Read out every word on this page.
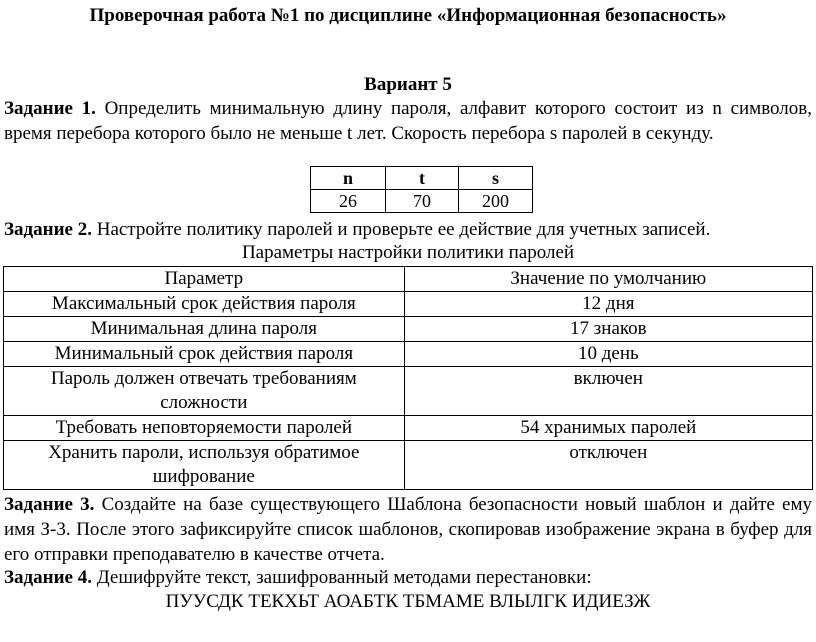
Проверочная работа №1 по дисциплине «Информационная безопасность»
Вариант 5
Задание 1. Определить минимальную длину пароля, алфавит которого состоит из n символов, время перебора которого было не меньше t лет. Скорость перебора s паролей в секунду.
n	t	s
26	70	200
Задание 2. Настройте политику паролей и проверьте ее действие для учетных записей.
Параметры настройки политики паролей
Параметр	Значение по умолчанию
Максимальный срок действия пароля	12 дня
Минимальная длина пароля	17 знаков
Минимальный срок действия пароля	10 день
Пароль должен отвечать требованиям сложности	включен
Требовать неповторяемости паролей	54 хранимых паролей
Хранить пароли, используя обратимое шифрование	отключен
Задание 3. Создайте на базе существующего Шаблона безопасности новый шаблон и дайте ему имя З-3. После этого зафиксируйте список шаблонов, скопировав изображение экрана в буфер для его отправки преподавателю в качестве отчета.
Задание 4. Дешифруйте текст, зашифрованный методами перестановки:
ПУУСДК ТЕКХЬТ АОАБТК ТБМАМЕ ВЛЫЛГК ИДИЕЗЖ
